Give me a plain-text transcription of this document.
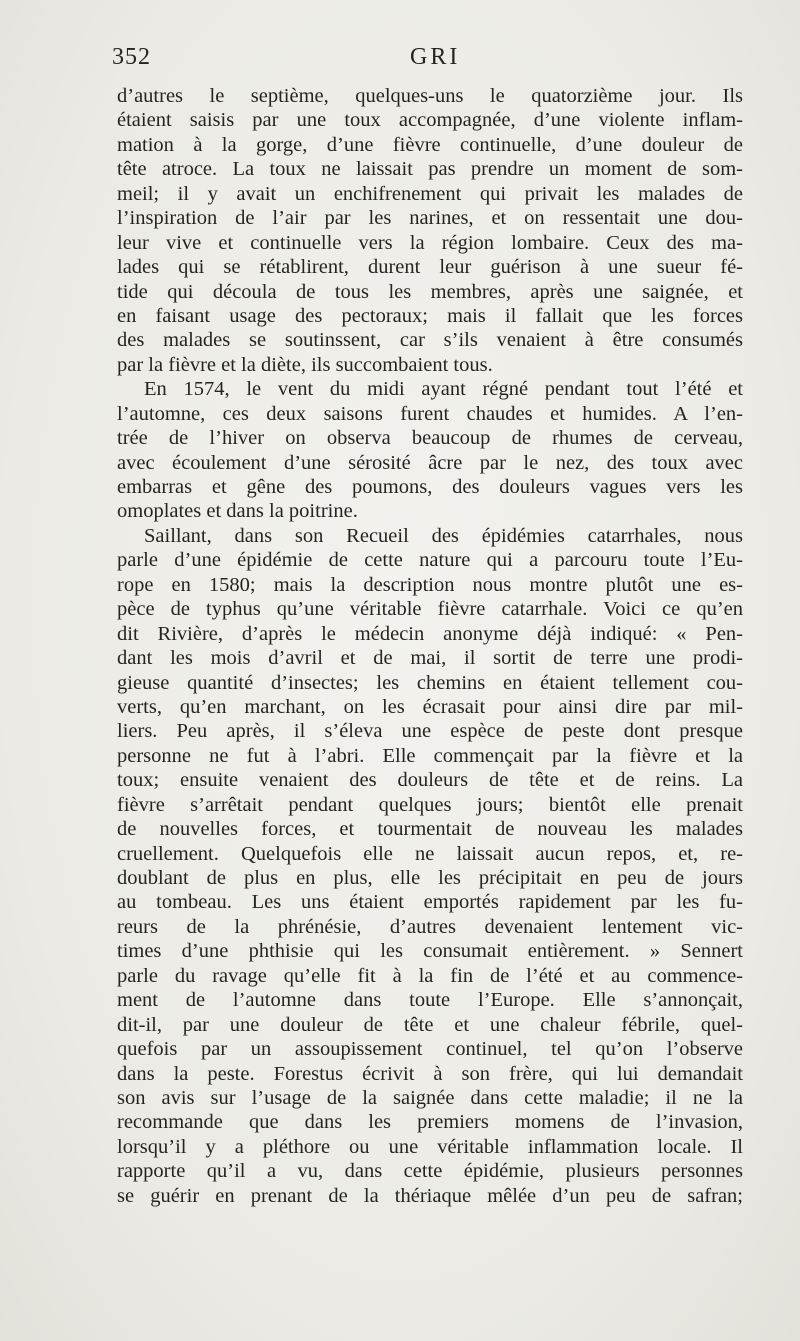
352	GRI
d’autres le septième, quelques-uns le quatorzième jour. Ils
étaient saisis par une toux accompagnée, d’une violente inflam-
mation à la gorge, d’une fièvre continuelle, d’une douleur de
tête atroce. La toux ne laissait pas prendre un moment de som-
meil; il y avait un enchifrenement qui privait les malades de
l’inspiration de l’air par les narines, et on ressentait une dou-
leur vive et continuelle vers la région lombaire. Ceux des ma-
lades qui se rétablirent, durent leur guérison à une sueur fé-
tide qui découla de tous les membres, après une saignée, et
en faisant usage des pectoraux; mais il fallait que les forces
des malades se soutinssent, car s’ils venaient à être consumés
par la fièvre et la diète, ils succombaient tous.
En 1574, le vent du midi ayant régné pendant tout l’été et
l’automne, ces deux saisons furent chaudes et humides. A l’en-
trée de l’hiver on observa beaucoup de rhumes de cerveau,
avec écoulement d’une sérosité âcre par le nez, des toux avec
embarras et gêne des poumons, des douleurs vagues vers les
omoplates et dans la poitrine.
Saillant, dans son Recueil des épidémies catarrhales, nous
parle d’une épidémie de cette nature qui a parcouru toute l’Eu-
rope en 1580; mais la description nous montre plutôt une es-
pèce de typhus qu’une véritable fièvre catarrhale. Voici ce qu’en
dit Rivière, d’après le médecin anonyme déjà indiqué: « Pen-
dant les mois d’avril et de mai, il sortit de terre une prodi-
gieuse quantité d’insectes; les chemins en étaient tellement cou-
verts, qu’en marchant, on les écrasait pour ainsi dire par mil-
liers. Peu après, il s’éleva une espèce de peste dont presque
personne ne fut à l’abri. Elle commençait par la fièvre et la
toux; ensuite venaient des douleurs de tête et de reins. La
fièvre s’arrêtait pendant quelques jours; bientôt elle prenait
de nouvelles forces, et tourmentait de nouveau les malades
cruellement. Quelquefois elle ne laissait aucun repos, et, re-
doublant de plus en plus, elle les précipitait en peu de jours
au tombeau. Les uns étaient emportés rapidement par les fu-
reurs de la phrénésie, d’autres devenaient lentement vic-
times d’une phthisie qui les consumait entièrement. » Sennert
parle du ravage qu’elle fit à la fin de l’été et au commence-
ment de l’automne dans toute l’Europe. Elle s’annonçait,
dit-il, par une douleur de tête et une chaleur fébrile, quel-
quefois par un assoupissement continuel, tel qu’on l’observe
dans la peste. Forestus écrivit à son frère, qui lui demandait
son avis sur l’usage de la saignée dans cette maladie; il ne la
recommande que dans les premiers momens de l’invasion,
lorsqu’il y a pléthore ou une véritable inflammation locale. Il
rapporte qu’il a vu, dans cette épidémie, plusieurs personnes
se guérir en prenant de la thériaque mêlée d’un peu de safran;
